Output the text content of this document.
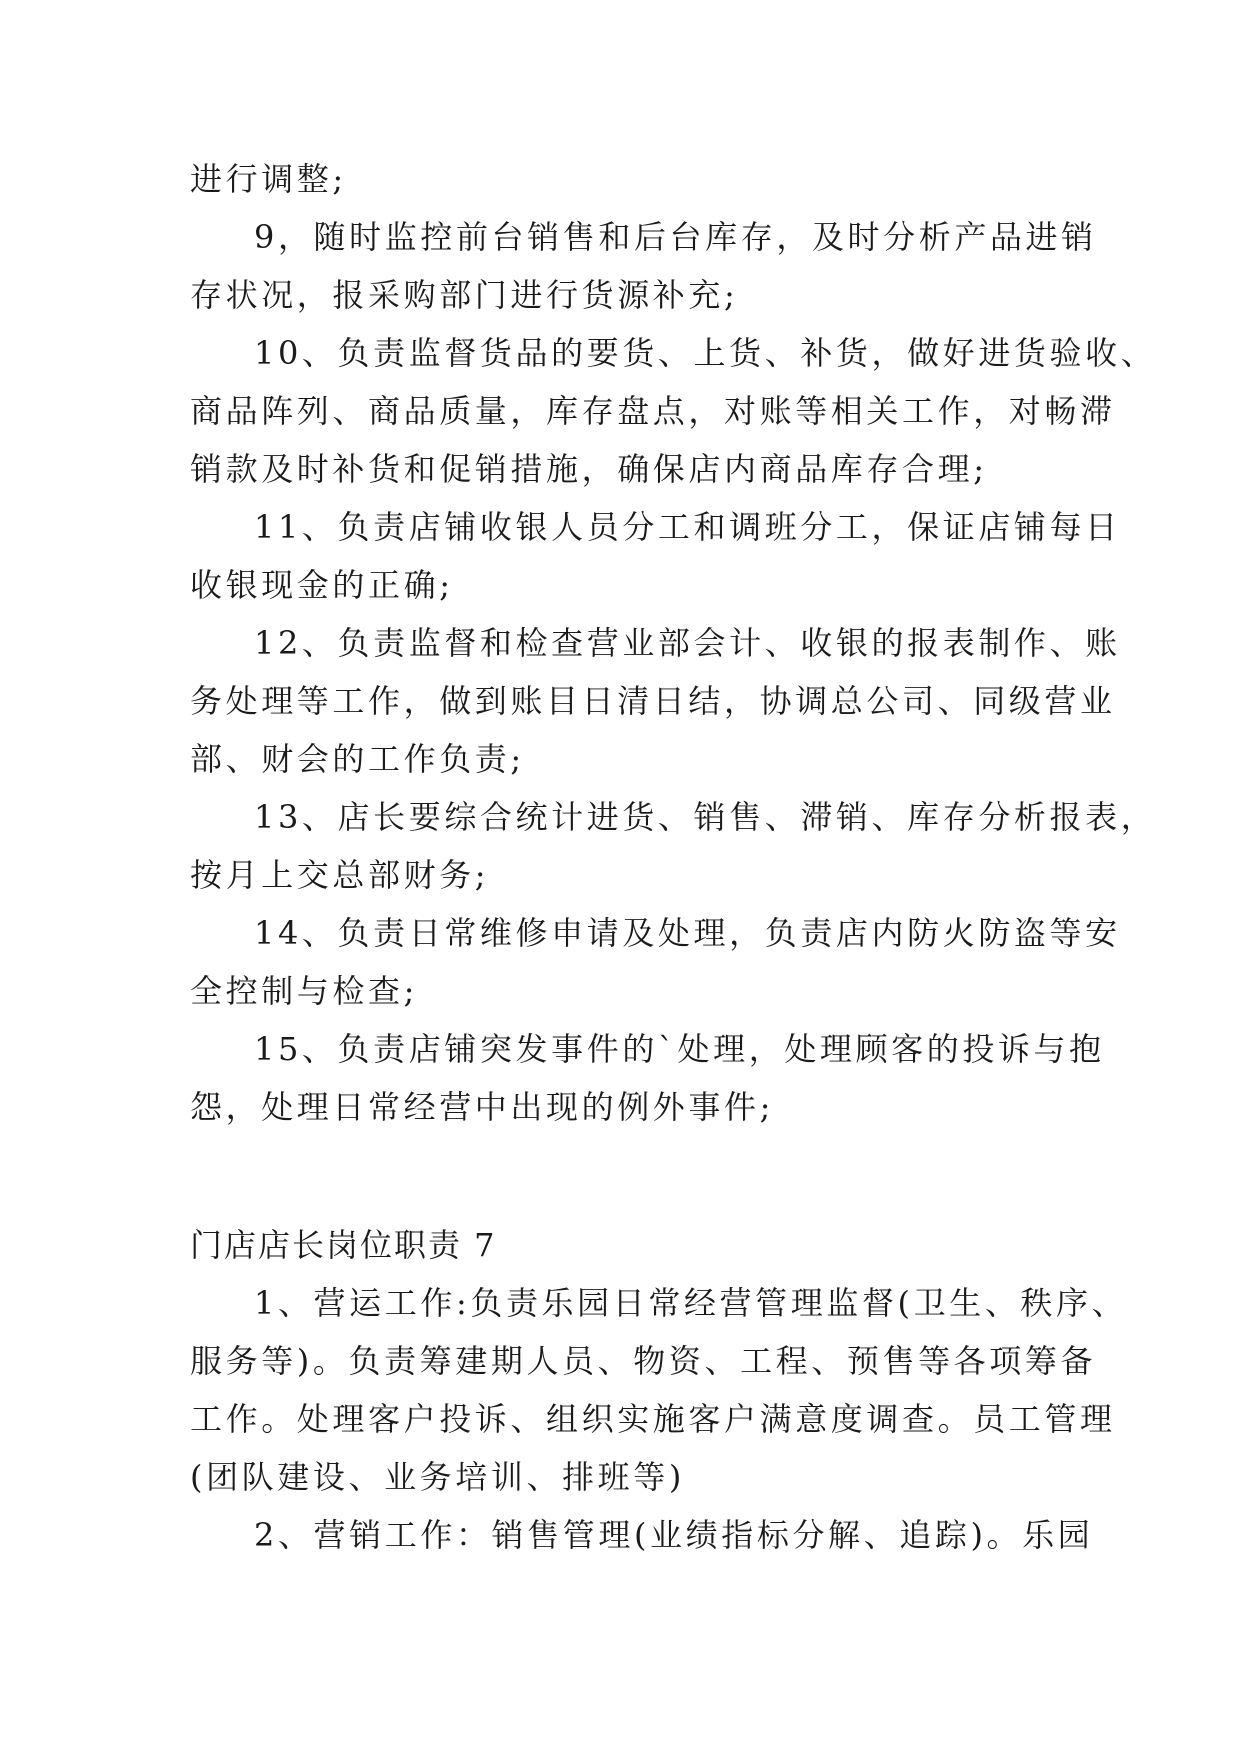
进行调整;
9，随时监控前台销售和后台库存，及时分析产品进销
存状况，报采购部门进行货源补充;
10、负责监督货品的要货、上货、补货，做好进货验收、
商品阵列、商品质量，库存盘点，对账等相关工作，对畅滞
销款及时补货和促销措施，确保店内商品库存合理;
11、负责店铺收银人员分工和调班分工，保证店铺每日
收银现金的正确;
12、负责监督和检查营业部会计、收银的报表制作、账
务处理等工作，做到账目日清日结，协调总公司、同级营业
部、财会的工作负责;
13、店长要综合统计进货、销售、滞销、库存分析报表，
按月上交总部财务;
14、负责日常维修申请及处理，负责店内防火防盗等安
全控制与检查;
15、负责店铺突发事件的`处理，处理顾客的投诉与抱
怨，处理日常经营中出现的例外事件;
门店店长岗位职责 7
1、营运工作:负责乐园日常经营管理监督(卫生、秩序、
服务等)。负责筹建期人员、物资、工程、预售等各项筹备
工作。处理客户投诉、组织实施客户满意度调查。员工管理
(团队建设、业务培训、排班等)
2、营销工作：销售管理(业绩指标分解、追踪)。乐园
